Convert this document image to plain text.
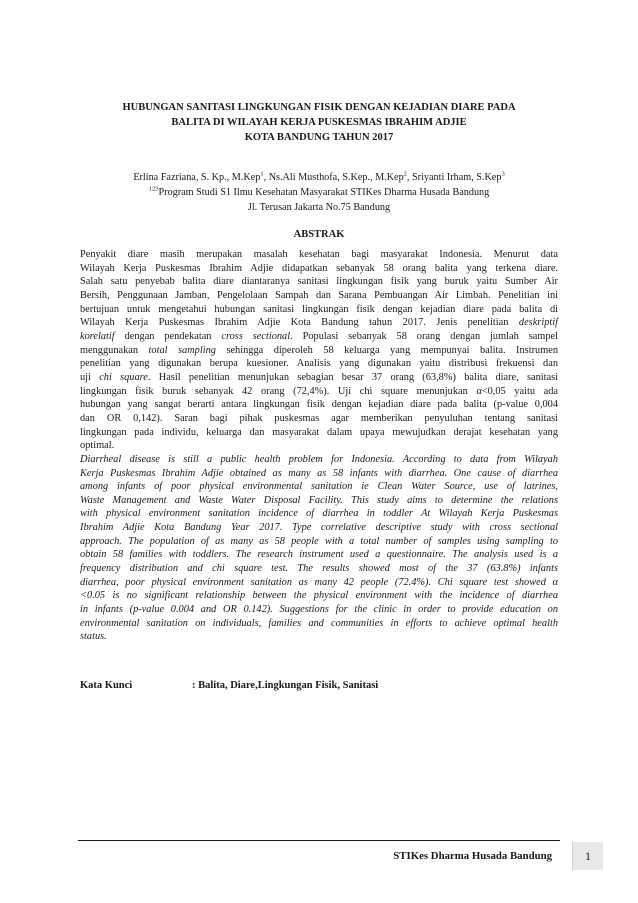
HUBUNGAN SANITASI LINGKUNGAN FISIK DENGAN KEJADIAN DIARE PADA
BALITA DI WILAYAH KERJA PUSKESMAS IBRAHIM ADJIE
KOTA BANDUNG TAHUN 2017
Erlina Fazriana, S. Kp., M.Kep$^1$, Ns.Ali Musthofa, S.Kep., M.Kep$^2$, Sriyanti Irham, S.Kep$^3$
$^{123}$Program Studi S1 Ilmu Kesehatan Masyarakat STIKes Dharma Husada Bandung
Jl. Terusan Jakarta No.75 Bandung
ABSTRAK
Penyakit diare masih merupakan masalah kesehatan bagi masyarakat Indonesia. Menurut data
Wilayah Kerja Puskesmas Ibrahim Adjie didapatkan sebanyak 58 orang balita yang terkena diare.
Salah satu penyebab balita diare diantaranya sanitasi lingkungan fisik yang buruk yaitu Sumber Air
Bersih, Penggunaan Jamban, Pengelolaan Sampah dan Sarana Pembuangan Air Limbah. Penelitian ini
bertujuan untuk mengetahui hubungan sanitasi lingkungan fisik dengan kejadian diare pada balita di
Wilayah Kerja Puskesmas Ibrahim Adjie Kota Bandung tahun 2017. Jenis penelitian deskriptif
korelatif dengan pendekatan cross sectional. Populasi sebanyak 58 orang dengan jumlah sampel
menggunakan total sampling sehingga diperoleh 58 keluarga yang mempunyai balita. Instrumen
penelitian yang digunakan berupa kuesioner. Analisis yang digunakan yaitu distribusi frekuensi dan
uji chi square. Hasil penelitian menunjukan sebagian besar 37 orang (63,8%) balita diare, sanitasi
lingkungan fisik buruk sebanyak 42 orang (72,4%). Uji chi square menunjukan α<0,05 yaitu ada
hubungan yang sangat berarti antara lingkungan fisik dengan kejadian diare pada balita (p-value 0,004
dan OR 0,142). Saran bagi pihak puskesmas agar memberikan penyuluhan tentang sanitasi
lingkungan pada individu, keluarga dan masyarakat dalam upaya mewujudkan derajat kesehatan yang
optimal.
Diarrheal disease is still a public health problem for Indonesia. According to data from Wilayah
Kerja Puskesmas Ibrahim Adjie obtained as many as 58 infants with diarrhea. One cause of diarrhea
among infants of poor physical environmental sanitation ie Clean Water Source, use of latrines,
Waste Management and Waste Water Disposal Facility. This study aims to determine the relations
with physical environment sanitation incidence of diarrhea in toddler At Wilayah Kerja Puskesmas
Ibrahim Adjie Kota Bandung Year 2017. Type correlative descriptive study with cross sectional
approach. The population of as many as 58 people with a total number of samples using sampling to
obtain 58 families with toddlers. The research instrument used a questionnaire. The analysis used is a
frequency distribution and chi square test. The results showed most of the 37 (63.8%) infants
diarrhea, poor physical environment sanitation as many 42 people (72.4%). Chi square test showed α
<0.05 is no significant relationship between the physical environment with the incidence of diarrhea
in infants (p-value 0.004 and OR 0.142). Suggestions for the clinic in order to provide education on
environmental sanitation on individuals, families and communities in efforts to achieve optimal health
status.
Kata Kunci	: Balita, Diare,Lingkungan Fisik, Sanitasi
STIKes Dharma Husada Bandung	1
